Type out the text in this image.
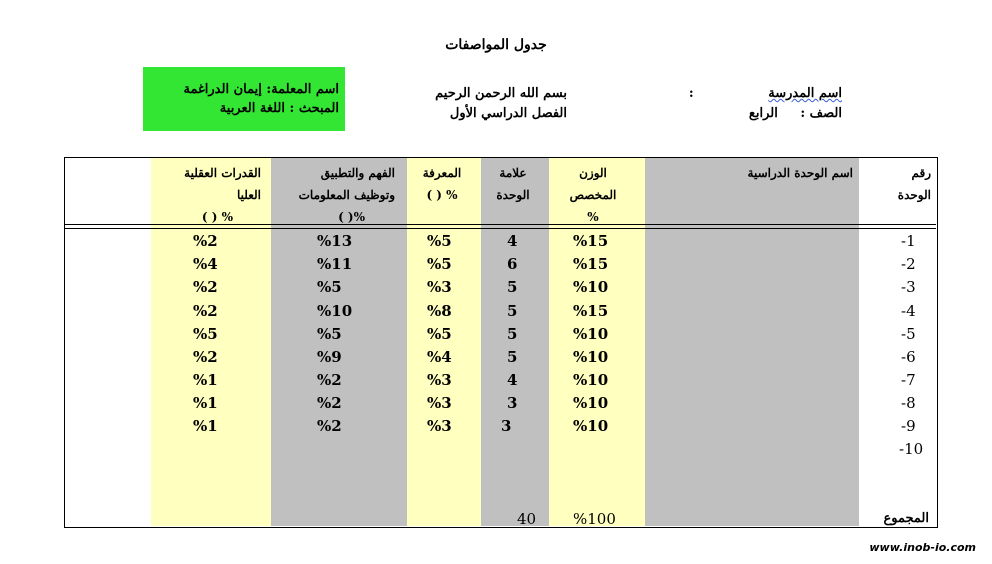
جدول المواصفات
اسم المعلمة: إيمان الدراغمة
المبحث : اللغة العربية
بسم الله الرحمن الرحيم
الفصل الدراسي الأول
اسم المدرسة :
الصف : الرابع
رقم
الوحدة
اسم الوحدة الدراسية
الوزن
المخصص
%
علامة
الوحدة
المعرفة
% ( )
الفهم والتطبيق
وتوظيف المعلومات
%( )
القدرات العقلية
العليا
% ( )
-1
%15
4
%5
%13
%2
-2
%15
6
%5
%11
%4
-3
%10
5
%3
%5
%2
-4
%15
5
%8
%10
%2
-5
%10
5
%5
%5
%5
-6
%10
5
%4
%9
%2
-7
%10
4
%3
%2
%1
-8
%10
3
%3
%2
%1
-9
%10
3
%3
%2
%1
-10
40 %100	المجموع
www.inob-io.com
